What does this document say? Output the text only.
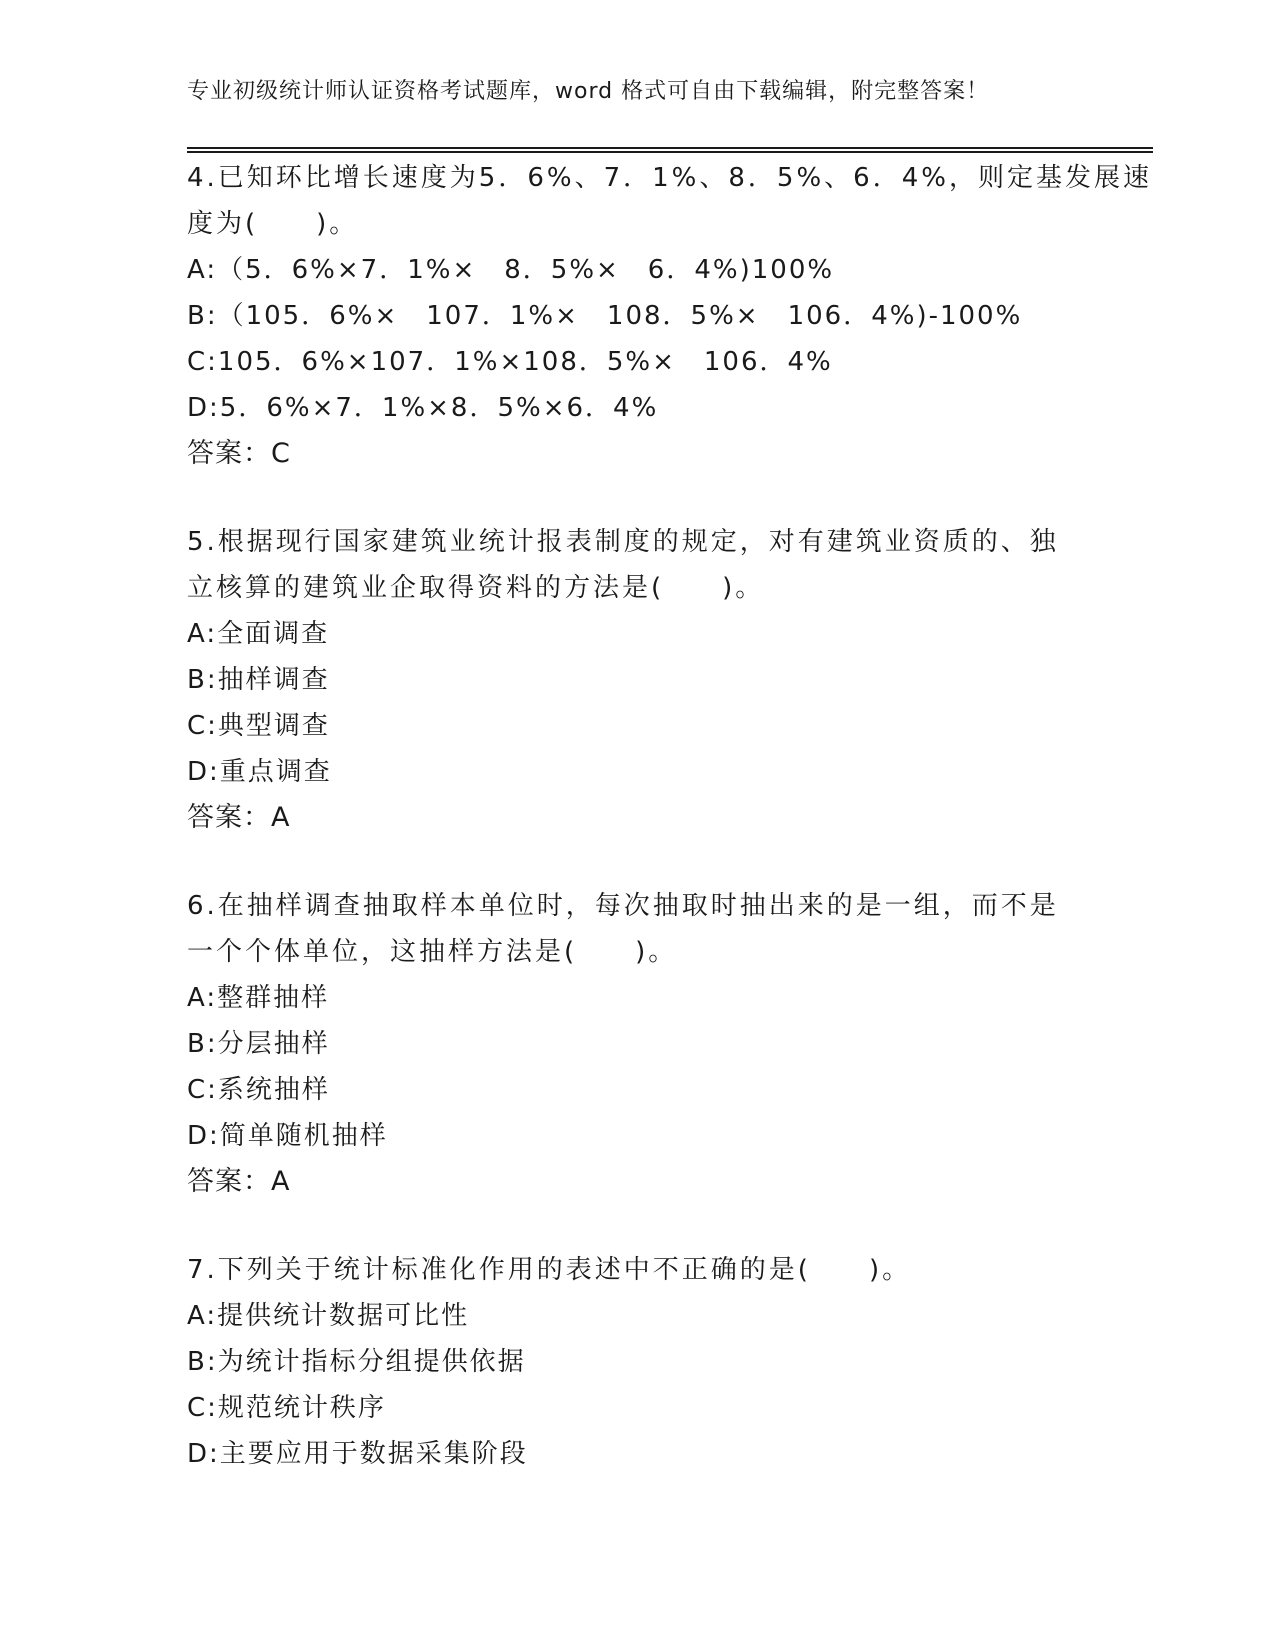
专业初级统计师认证资格考试题库，word 格式可自由下载编辑，附完整答案！
4.已知环比增长速度为5．6%、7．1%、8．5%、6．4%，则定基发展速
度为(　　)。
A:（5．6%×7．1%×　8．5%×　6．4%)100%
B:（105．6%×　107．1%×　108．5%×　106．4%)-100%
C:105．6%×107．1%×108．5%×　106．4%
D:5．6%×7．1%×8．5%×6．4%
答案：C
5.根据现行国家建筑业统计报表制度的规定，对有建筑业资质的、独
立核算的建筑业企取得资料的方法是(　　)。
A:全面调查
B:抽样调查
C:典型调查
D:重点调查
答案：A
6.在抽样调查抽取样本单位时，每次抽取时抽出来的是一组，而不是
一个个体单位，这抽样方法是(　　)。
A:整群抽样
B:分层抽样
C:系统抽样
D:简单随机抽样
答案：A
7.下列关于统计标准化作用的表述中不正确的是(　　)。
A:提供统计数据可比性
B:为统计指标分组提供依据
C:规范统计秩序
D:主要应用于数据采集阶段
